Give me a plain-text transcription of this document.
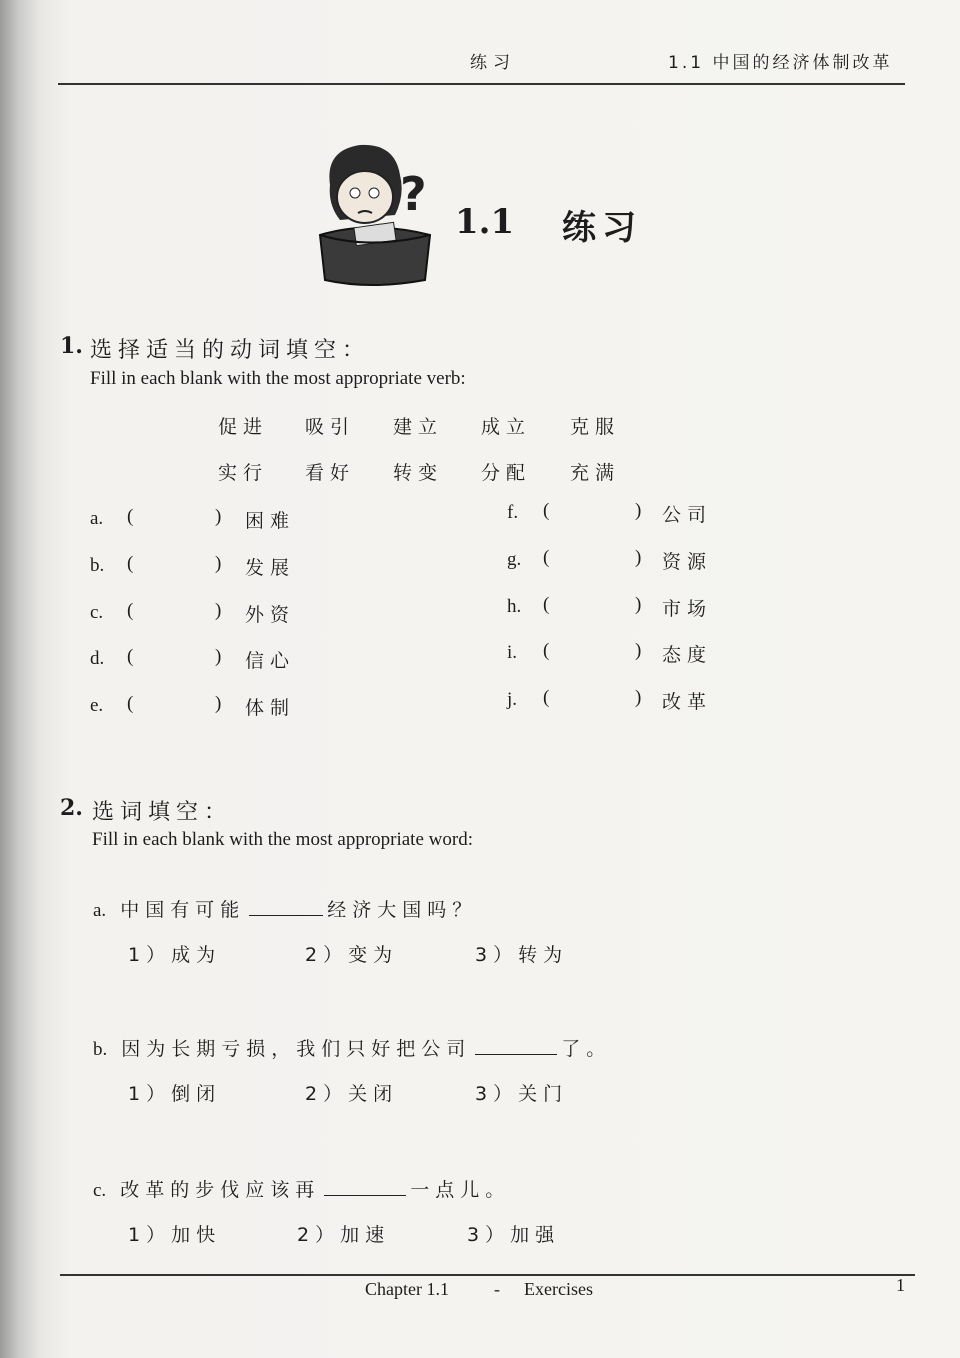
练习	1.1 中国的经济体制改革
?
1.1 练习
1. 选择适当的动词填空：
Fill in each blank with the most appropriate verb:
促进 吸引 建立 成立 克服
实行 看好 转变 分配 充满
a. (	) 困难
b. (	) 发展
c. (	) 外资
d. (	) 信心
e. (	) 体制
f. (	) 公司
g. (	) 资源
h. (	) 市场
i. (	) 态度
j. (	) 改革
2. 选词填空：
Fill in each blank with the most appropriate word:
a. 中国有可能	经济大国吗？
1）成为	2）变为	3）转为
b. 因为长期亏损，我们只好把公司	了。
1）倒闭	2）关闭	3）关门
c. 改革的步伐应该再	一点儿。
1）加快	2）加速	3）加强
Chapter 1.1	- Exercises	1
